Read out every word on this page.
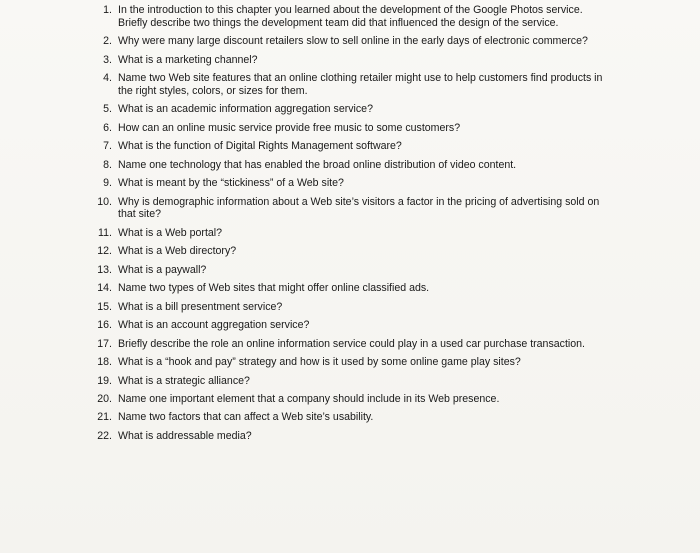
1. In the introduction to this chapter you learned about the development of the Google Photos service. Briefly describe two things the development team did that influenced the design of the service.
2. Why were many large discount retailers slow to sell online in the early days of electronic commerce?
3. What is a marketing channel?
4. Name two Web site features that an online clothing retailer might use to help customers find products in the right styles, colors, or sizes for them.
5. What is an academic information aggregation service?
6. How can an online music service provide free music to some customers?
7. What is the function of Digital Rights Management software?
8. Name one technology that has enabled the broad online distribution of video content.
9. What is meant by the “stickiness” of a Web site?
10. Why is demographic information about a Web site’s visitors a factor in the pricing of advertising sold on that site?
11. What is a Web portal?
12. What is a Web directory?
13. What is a paywall?
14. Name two types of Web sites that might offer online classified ads.
15. What is a bill presentment service?
16. What is an account aggregation service?
17. Briefly describe the role an online information service could play in a used car purchase transaction.
18. What is a “hook and pay” strategy and how is it used by some online game play sites?
19. What is a strategic alliance?
20. Name one important element that a company should include in its Web presence.
21. Name two factors that can affect a Web site’s usability.
22. What is addressable media?
